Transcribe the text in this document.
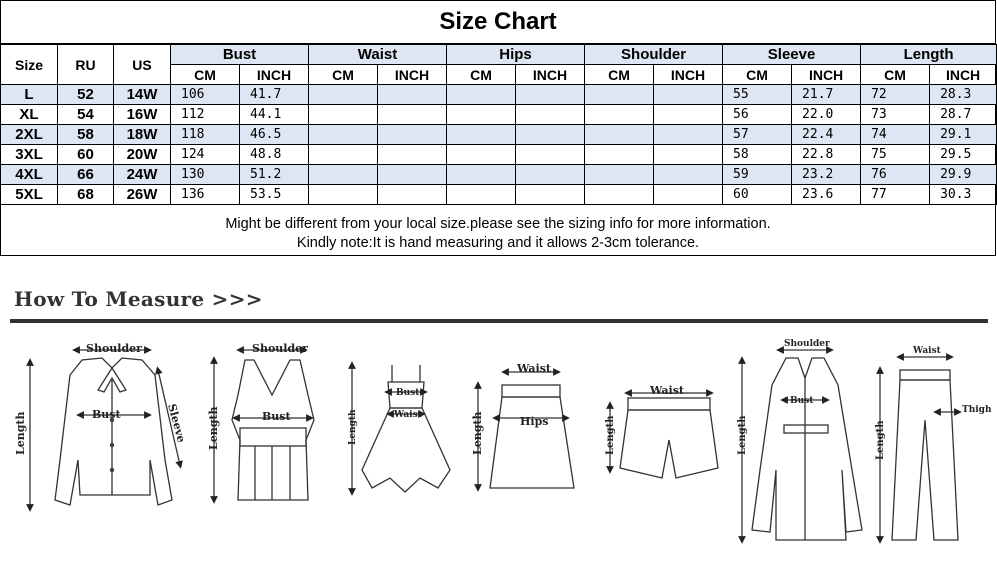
Size Chart
Size	RU	US	Bust		Waist		Hips		Shoulder		Sleeve		Length	
			CM	INCH	CM	INCH	CM	INCH	CM	INCH	CM	INCH	CM	INCH
L	52	14W	106	41.7							55	21.7	72	28.3
XL	54	16W	112	44.1							56	22.0	73	28.7
2XL	58	18W	118	46.5							57	22.4	74	29.1
3XL	60	20W	124	48.8							58	22.8	75	29.5
4XL	66	24W	130	51.2							59	23.2	76	29.9
5XL	68	26W	136	53.5							60	23.6	77	30.3
Might be different from your local size.please see the sizing info for more information.
Kindly note:It is hand measuring and it allows 2-3cm tolerance.
How To Measure >>>
Shoulder
Bust
Length	Sleeve
Shoulder
Bust
Length
Bust
Waist
Length
Waist
Hips
Length
Waist
Length
Shoulder
Bust
Length
Waist
Thigh
Length
